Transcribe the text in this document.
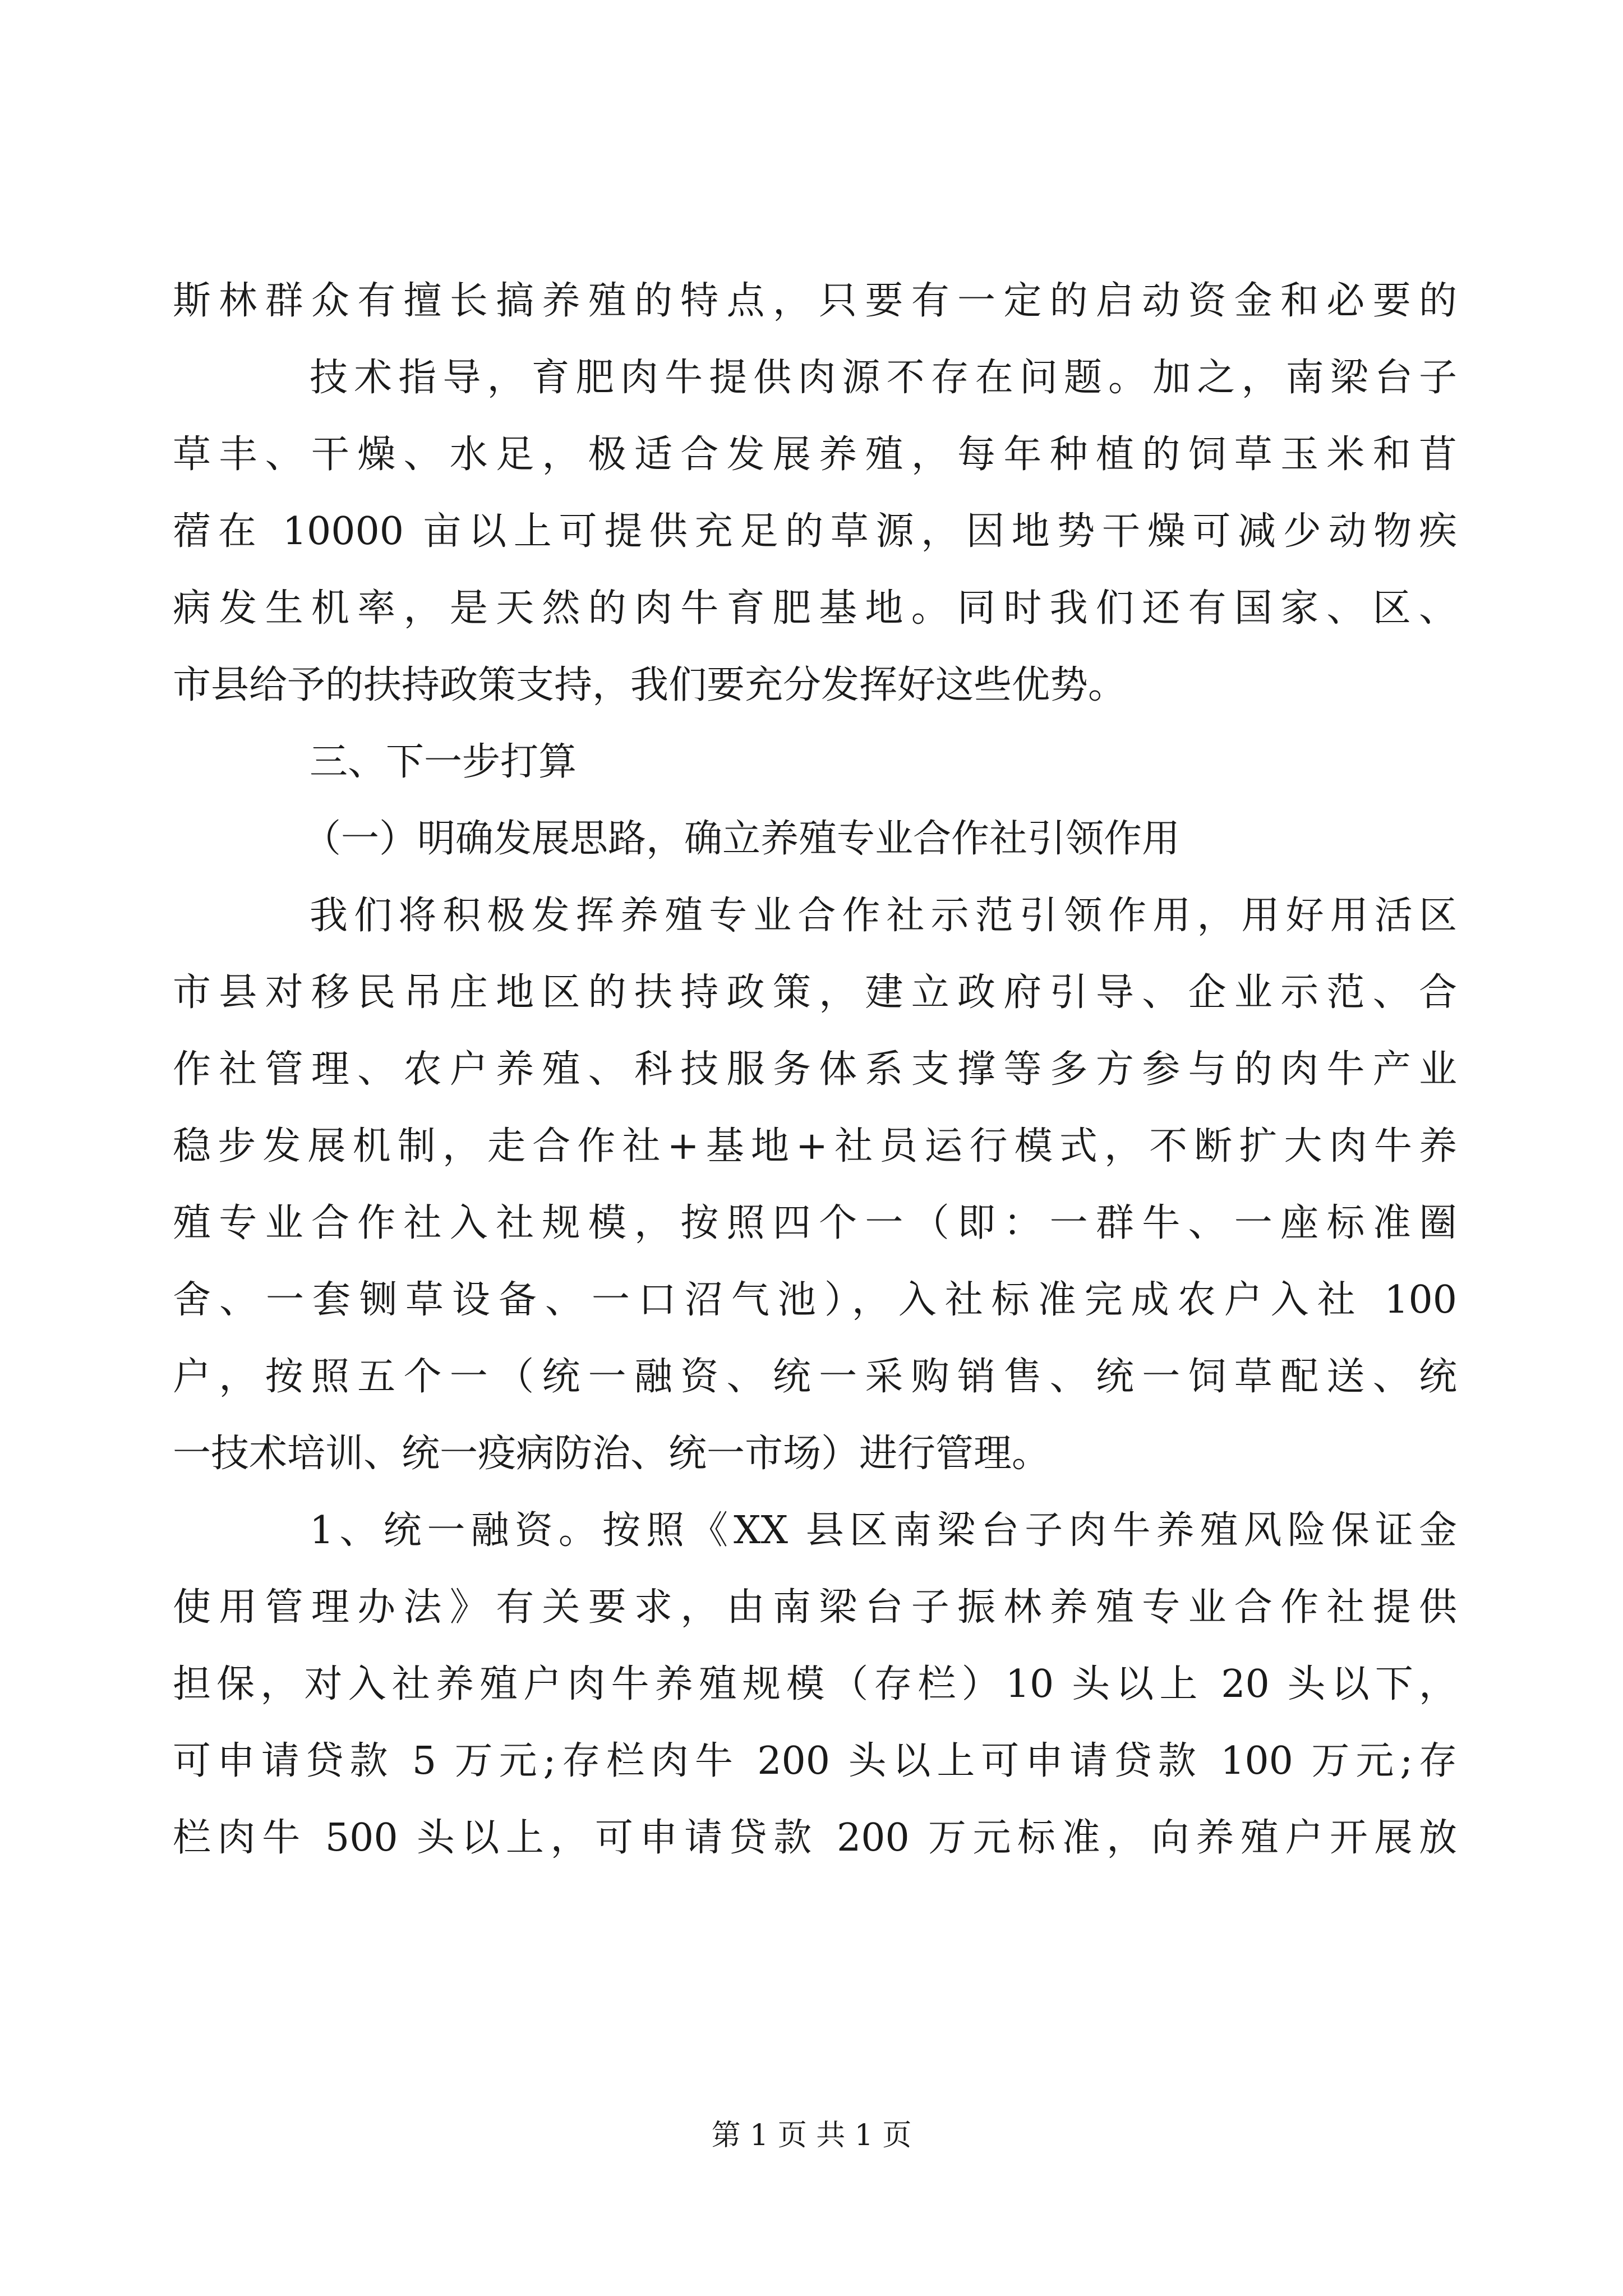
斯林群众有擅长搞养殖的特点，只要有一定的启动资金和必要的
技术指导，育肥肉牛提供肉源不存在问题。加之，南梁台子
草丰、干燥、水足，极适合发展养殖，每年种植的饲草玉米和苜
蓿在 10000 亩以上可提供充足的草源，因地势干燥可减少动物疾
病发生机率，是天然的肉牛育肥基地。同时我们还有国家、区、
市县给予的扶持政策支持，我们要充分发挥好这些优势。
三、下一步打算
（一）明确发展思路，确立养殖专业合作社引领作用
我们将积极发挥养殖专业合作社示范引领作用，用好用活区
市县对移民吊庄地区的扶持政策，建立政府引导、企业示范、合
作社管理、农户养殖、科技服务体系支撑等多方参与的肉牛产业
稳步发展机制，走合作社+基地+社员运行模式，不断扩大肉牛养
殖专业合作社入社规模，按照四个一（即：一群牛、一座标准圈
舍、一套铡草设备、一口沼气池），入社标准完成农户入社 100
户，按照五个一（统一融资、统一采购销售、统一饲草配送、统
一技术培训、统一疫病防治、统一市场）进行管理。
1、统一融资。按照《XX 县区南梁台子肉牛养殖风险保证金
使用管理办法》有关要求，由南梁台子振林养殖专业合作社提供
担保，对入社养殖户肉牛养殖规模（存栏）10 头以上 20 头以下，
可申请贷款 5 万元;存栏肉牛 200 头以上可申请贷款 100 万元;存
栏肉牛 500 头以上，可申请贷款 200 万元标准，向养殖户开展放
第 1 页 共 1 页
